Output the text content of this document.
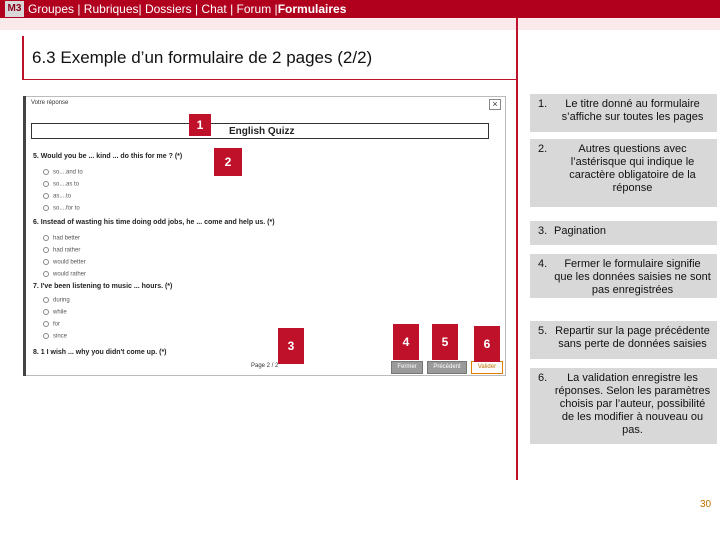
M3 Groupes | Rubriques| Dossiers | Chat | Forum |Formulaires
6.3 Exemple d’un formulaire de 2 pages (2/2)
Votre réponse	×
English Quizz
5. Would you be ... kind ... do this for me ? (*)
so....and to
so....as to
as....to
so....for to
6. Instead of wasting his time doing odd jobs, he ... come and help us. (*)
had better
had rather
would better
would rather
7. I've been listening to music ... hours. (*)
during
while
for
since
8. 1 I wish ... why you didn't come up. (*)
Page 2 / 2	Fermer	Précédent	Valider
1
2
3	4	5	6
1.	Le titre donné au formulaire s’affiche sur toutes les pages
2.	Autres questions avec l’astérisque qui indique le caractère obligatoire de la réponse
3. Pagination
4.	Fermer le formulaire signifie que les données saisies ne sont pas enregistrées
5. Repartir sur la page précédente sans perte de données saisies
6.	La validation enregistre les réponses. Selon les paramètres choisis par l’auteur, possibilité de les modifier à nouveau ou pas.
30
